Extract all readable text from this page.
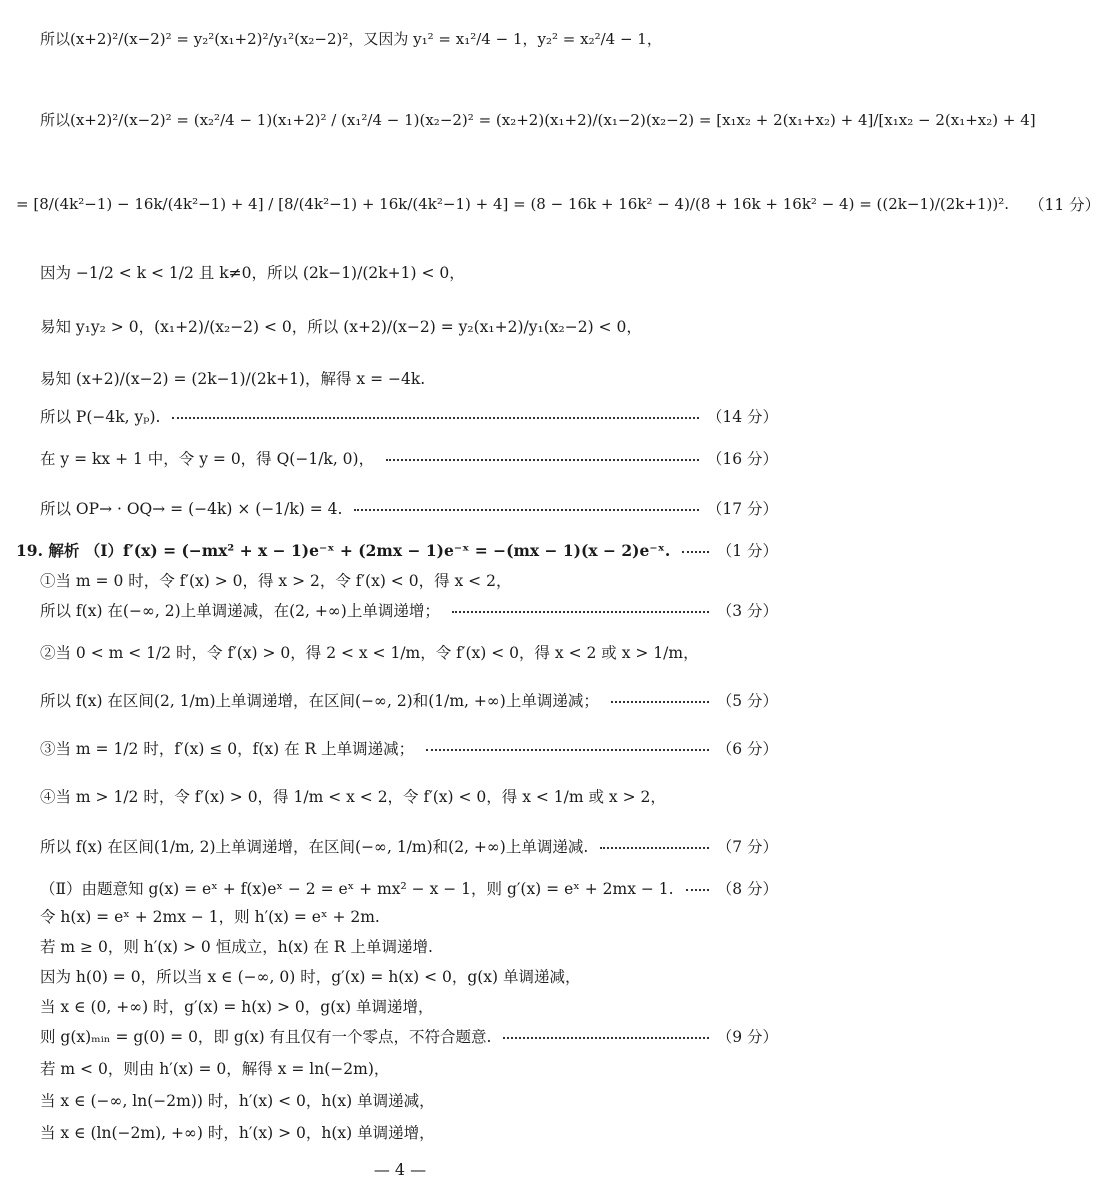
所以(x+2)²/(x−2)² = y₂²(x₁+2)²/y₁²(x₂−2)²，又因为 y₁² = x₁²/4 − 1，y₂² = x₂²/4 − 1，
所以(x+2)²/(x−2)² = (x₂²/4 − 1)(x₁+2)² / (x₁²/4 − 1)(x₂−2)² = (x₂+2)(x₁+2)/(x₁−2)(x₂−2) = [x₁x₂ + 2(x₁+x₂) + 4]/[x₁x₂ − 2(x₁+x₂) + 4]
= [8/(4k²−1) − 16k/(4k²−1) + 4] / [8/(4k²−1) + 16k/(4k²−1) + 4] = (8 − 16k + 16k² − 4)/(8 + 16k + 16k² − 4) = ((2k−1)/(2k+1))². （11 分）
因为 −1/2 < k < 1/2 且 k≠0，所以 (2k−1)/(2k+1) < 0，
易知 y₁y₂ > 0，(x₁+2)/(x₂−2) < 0，所以 (x+2)/(x−2) = y₂(x₁+2)/y₁(x₂−2) < 0，
易知 (x+2)/(x−2) = (2k−1)/(2k+1)，解得 x = −4k.
所以 P(−4k, yₚ).	（14 分）
在 y = kx + 1 中，令 y = 0，得 Q(−1/k, 0)，	（16 分）
所以 OP→ · OQ→ = (−4k) × (−1/k) = 4.	（17 分）
19. 解析 （Ⅰ）f′(x) = (−mx² + x − 1)e⁻ˣ + (2mx − 1)e⁻ˣ = −(mx − 1)(x − 2)e⁻ˣ.	（1 分）
①当 m = 0 时，令 f′(x) > 0，得 x > 2，令 f′(x) < 0，得 x < 2，
所以 f(x) 在(−∞, 2)上单调递减，在(2, +∞)上单调递增；	（3 分）
②当 0 < m < 1/2 时，令 f′(x) > 0，得 2 < x < 1/m，令 f′(x) < 0，得 x < 2 或 x > 1/m，
所以 f(x) 在区间(2, 1/m)上单调递增，在区间(−∞, 2)和(1/m, +∞)上单调递减；	（5 分）
③当 m = 1/2 时，f′(x) ≤ 0，f(x) 在 R 上单调递减；	（6 分）
④当 m > 1/2 时，令 f′(x) > 0，得 1/m < x < 2，令 f′(x) < 0，得 x < 1/m 或 x > 2，
所以 f(x) 在区间(1/m, 2)上单调递增，在区间(−∞, 1/m)和(2, +∞)上单调递减.	（7 分）
（Ⅱ）由题意知 g(x) = eˣ + f(x)eˣ − 2 = eˣ + mx² − x − 1，则 g′(x) = eˣ + 2mx − 1.	（8 分）
令 h(x) = eˣ + 2mx − 1，则 h′(x) = eˣ + 2m.
若 m ≥ 0，则 h′(x) > 0 恒成立，h(x) 在 R 上单调递增.
因为 h(0) = 0，所以当 x ∈ (−∞, 0) 时，g′(x) = h(x) < 0，g(x) 单调递减，
当 x ∈ (0, +∞) 时，g′(x) = h(x) > 0，g(x) 单调递增，
则 g(x)ₘᵢₙ = g(0) = 0，即 g(x) 有且仅有一个零点，不符合题意.	（9 分）
若 m < 0，则由 h′(x) = 0，解得 x = ln(−2m)，
当 x ∈ (−∞, ln(−2m)) 时，h′(x) < 0，h(x) 单调递减，
当 x ∈ (ln(−2m), +∞) 时，h′(x) > 0，h(x) 单调递增，
— 4 —
